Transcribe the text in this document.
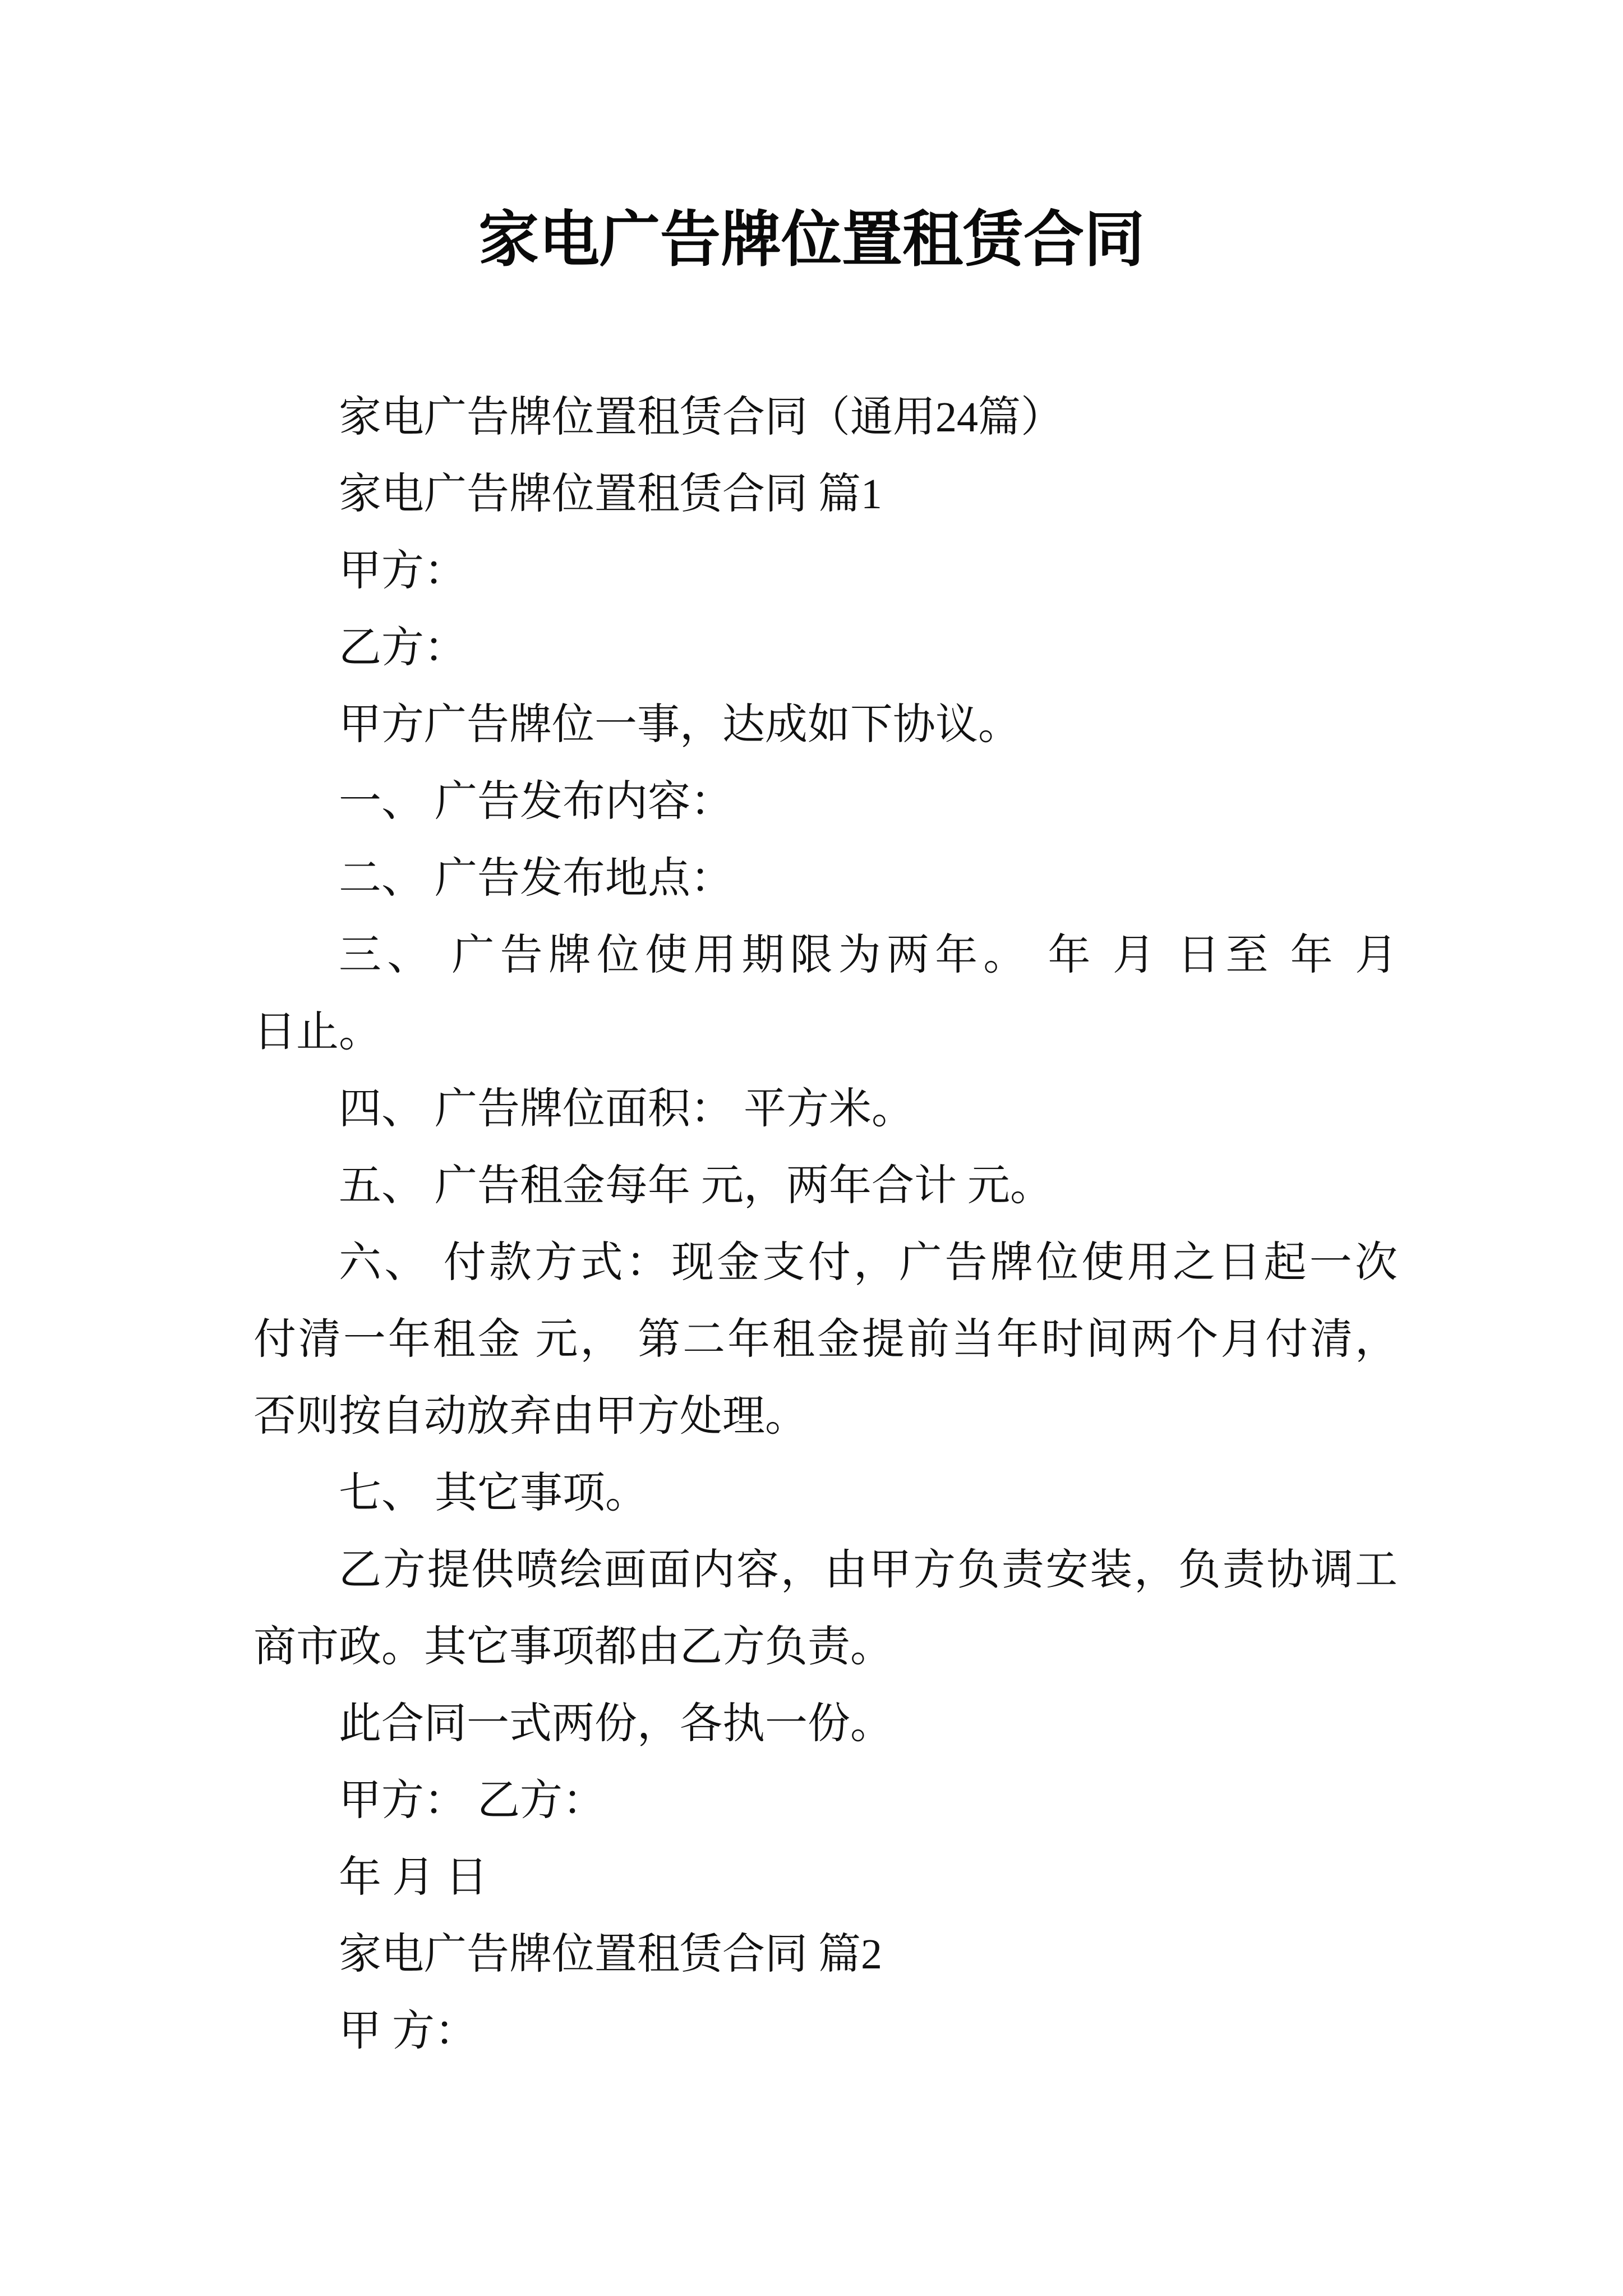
家电广告牌位置租赁合同
家电广告牌位置租赁合同（通用24篇）
家电广告牌位置租赁合同 篇1
甲方：
乙方：
甲方广告牌位一事，达成如下协议。
一、 广告发布内容：
二、 广告发布地点：
三、 广告牌位使用期限为两年。 年 月 日至 年 月
日止。
四、 广告牌位面积： 平方米。
五、 广告租金每年 元，两年合计 元。
六、 付款方式：现金支付，广告牌位使用之日起一次
付清一年租金 元， 第二年租金提前当年时间两个月付清，
否则按自动放弃由甲方处理。
七、 其它事项。
乙方提供喷绘画面内容，由甲方负责安装，负责协调工
商市政。其它事项都由乙方负责。
此合同一式两份，各执一份。
甲方： 乙方：
年 月 日
家电广告牌位置租赁合同 篇2
甲 方：
